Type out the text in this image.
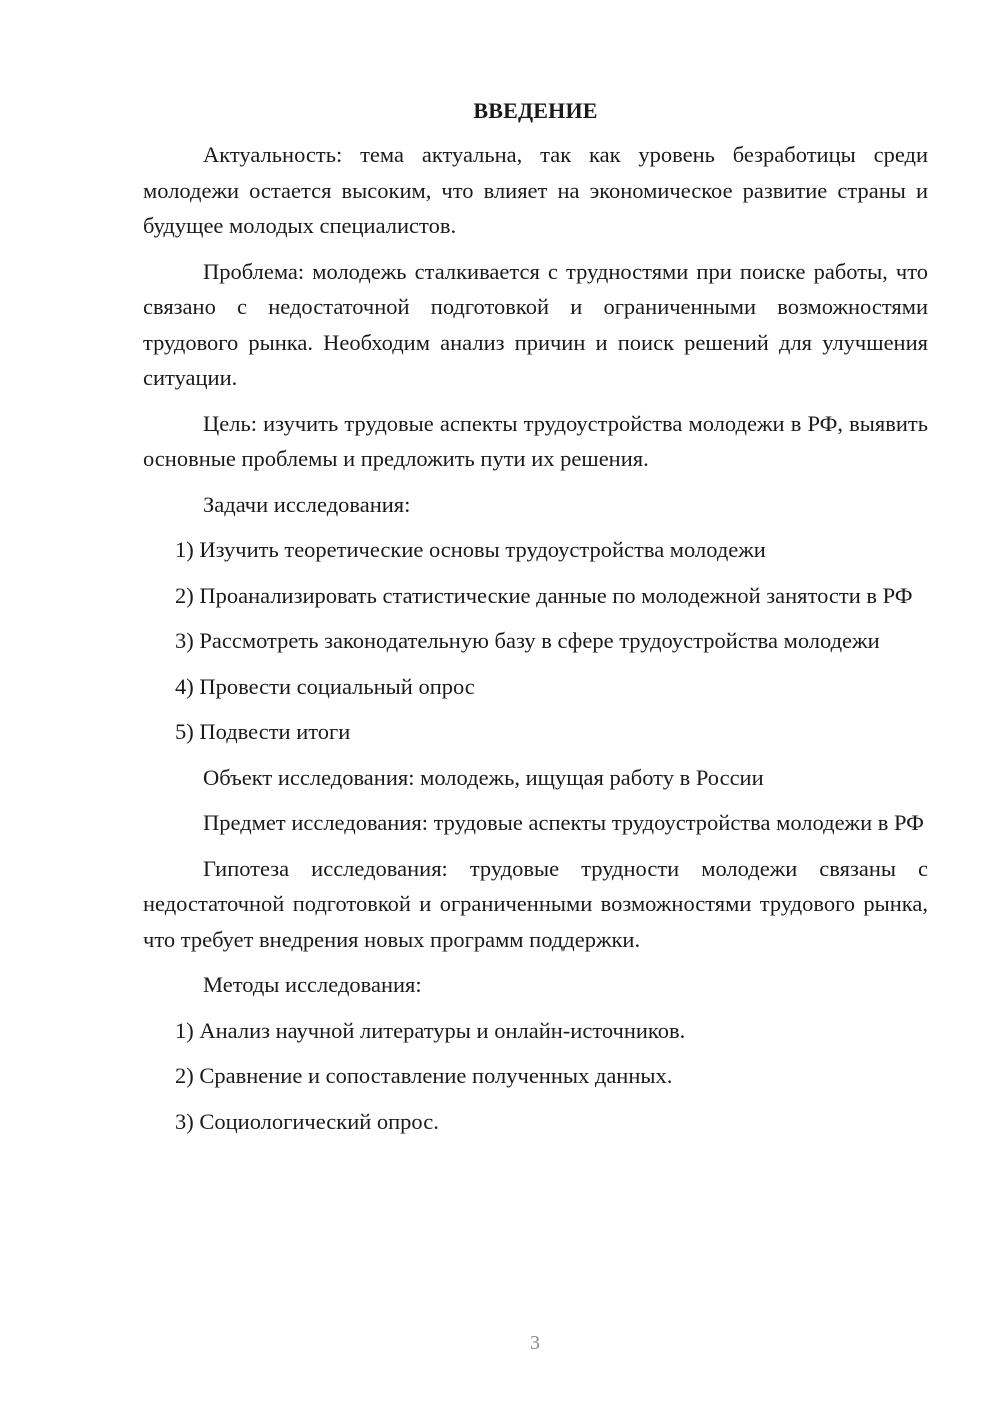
ВВЕДЕНИЕ

Актуальность: тема актуальна, так как уровень безработицы среди молодежи остается высоким, что влияет на экономическое развитие страны и будущее молодых специалистов.

Проблема: молодежь сталкивается с трудностями при поиске работы, что связано с недостаточной подготовкой и ограниченными возможностями трудового рынка. Необходим анализ причин и поиск решений для улучшения ситуации.

Цель: изучить трудовые аспекты трудоустройства молодежи в РФ, выявить основные проблемы и предложить пути их решения.

Задачи исследования:

1) Изучить теоретические основы трудоустройства молодежи

2) Проанализировать статистические данные по молодежной занятости в РФ

3) Рассмотреть законодательную базу в сфере трудоустройства молодежи

4) Провести социальный опрос

5) Подвести итоги

Объект исследования: молодежь, ищущая работу в России

Предмет исследования: трудовые аспекты трудоустройства молодежи в РФ

Гипотеза исследования: трудовые трудности молодежи связаны с недостаточной подготовкой и ограниченными возможностями трудового рынка, что требует внедрения новых программ поддержки.

Методы исследования:

1) Анализ научной литературы и онлайн-источников.

2) Сравнение и сопоставление полученных данных.

3) Социологический опрос.

3
